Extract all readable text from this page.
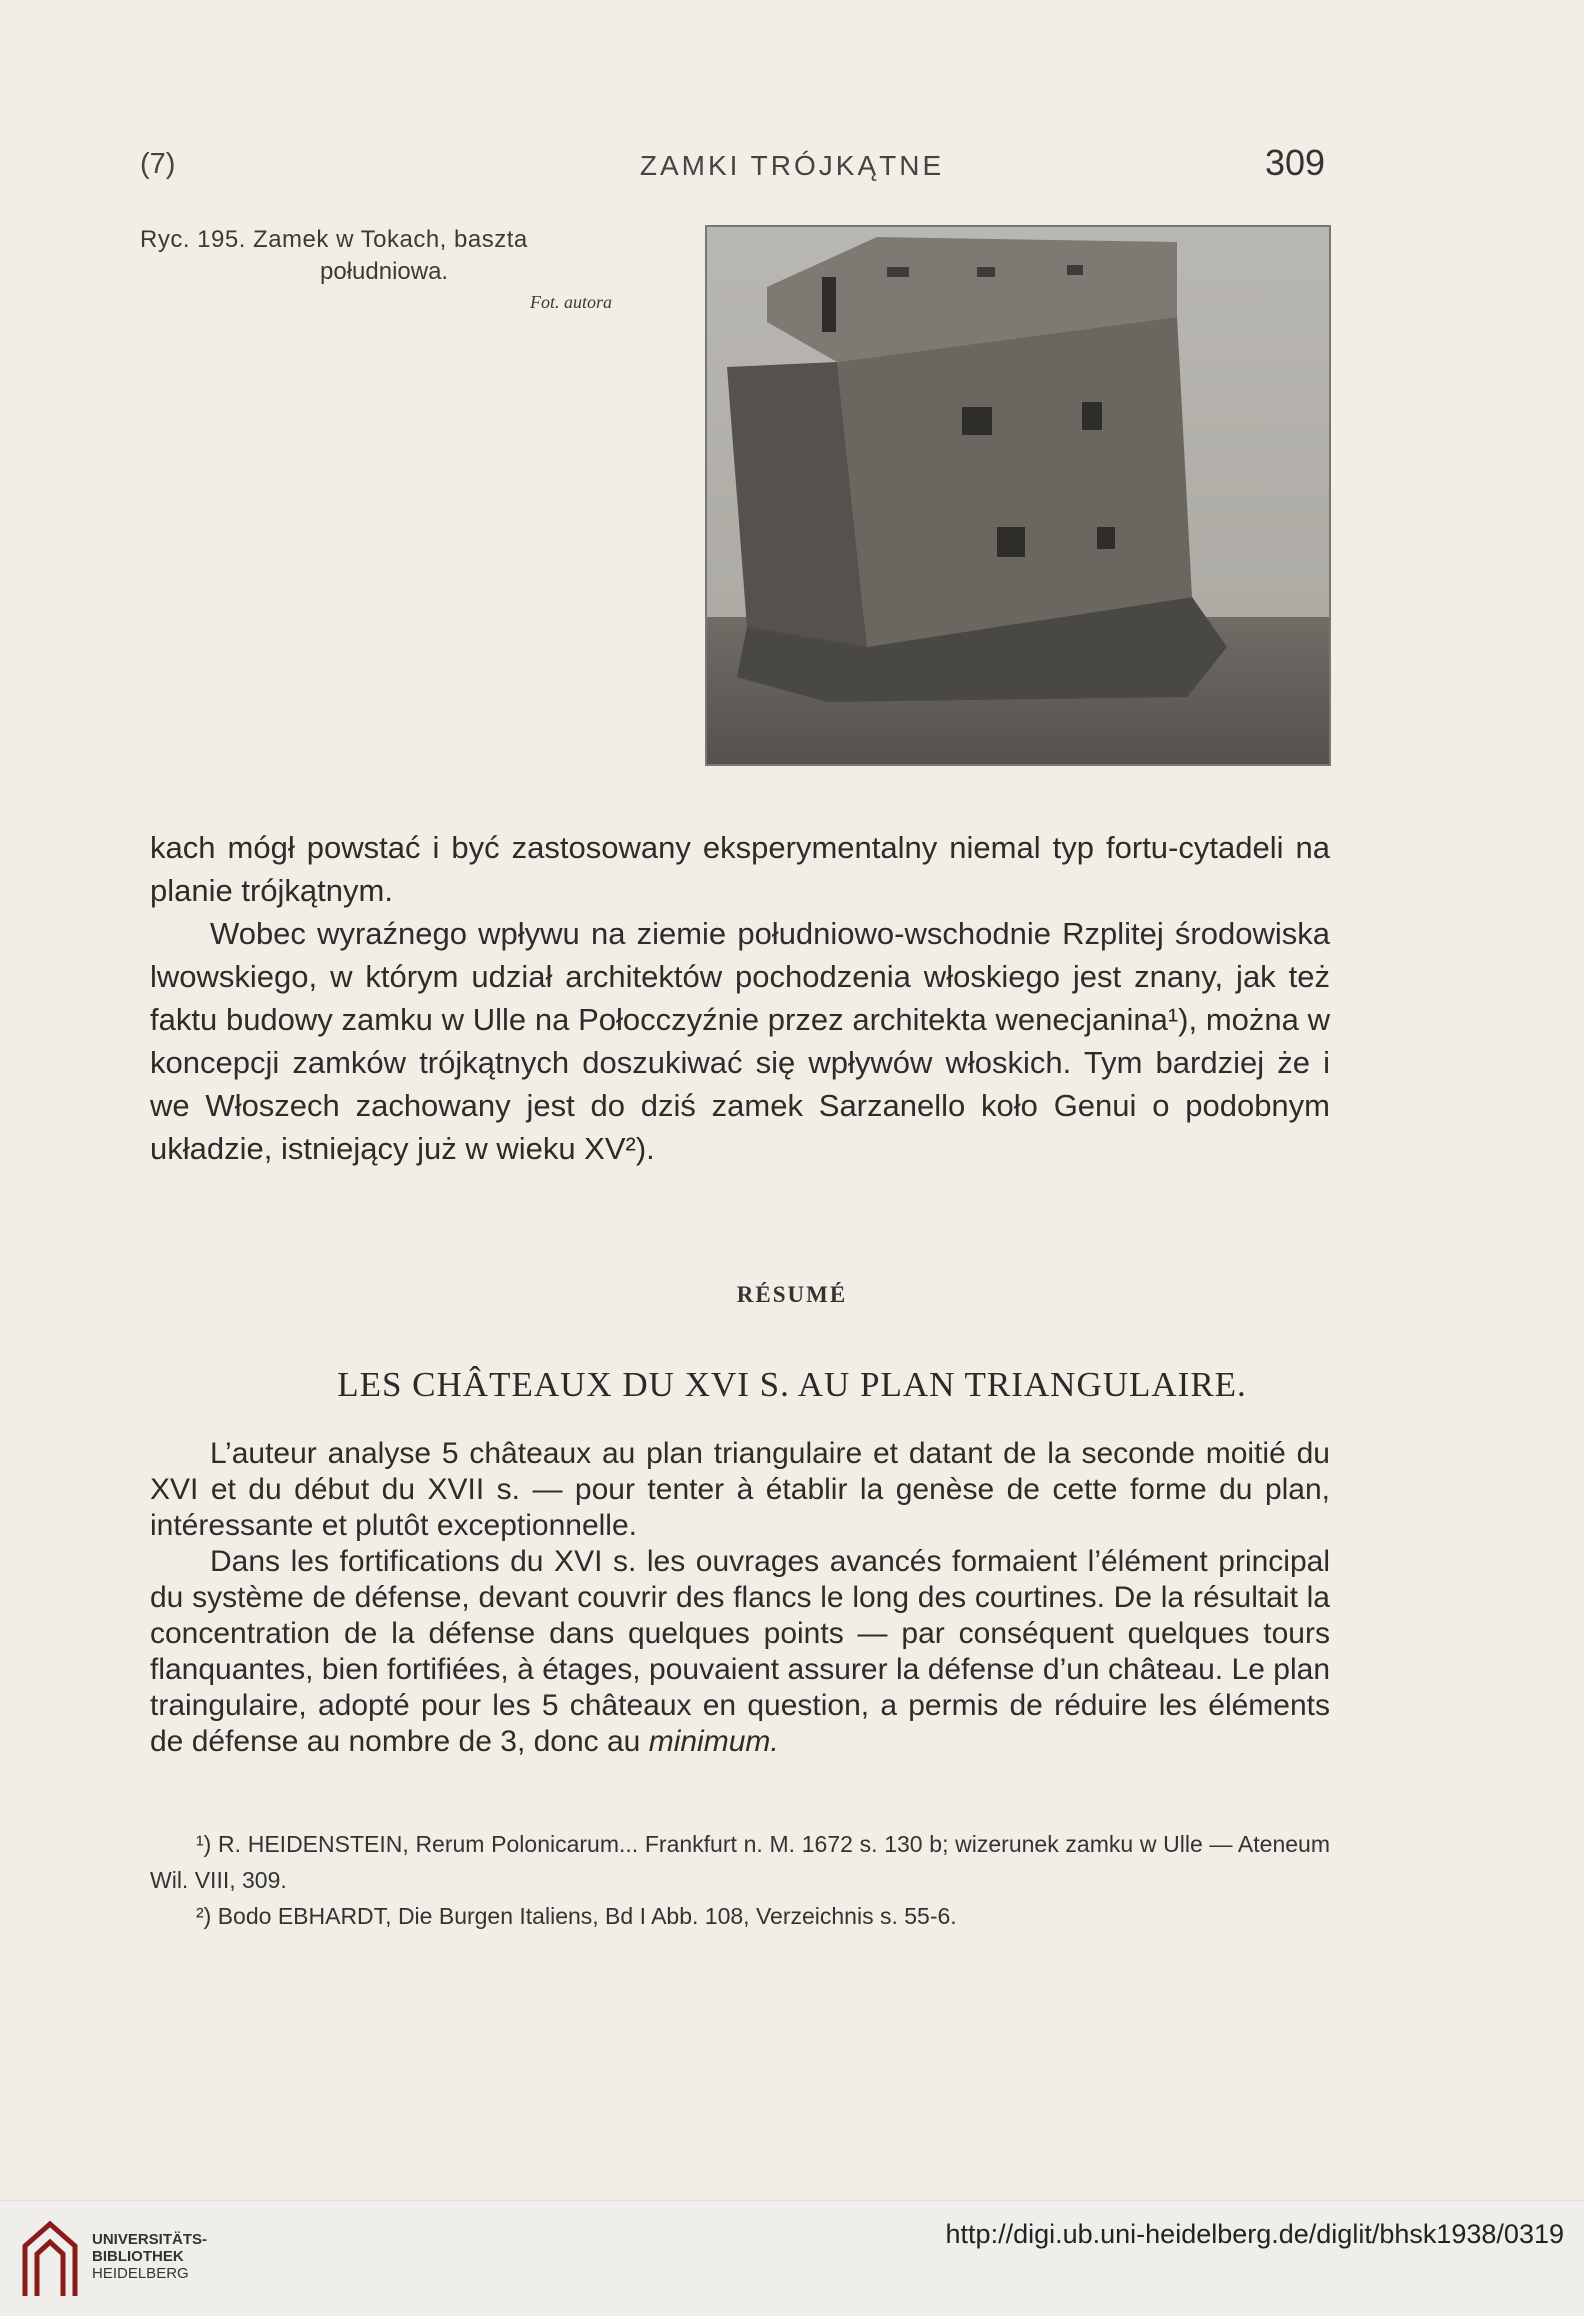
(7)	ZAMKI TRÓJKĄTNE	309
Ryc. 195. Zamek w Tokach, baszta
południowa.
Fot. autora

kach mógł powstać i być zastosowany eksperymentalny niemal typ fortu-cytadeli na planie trójkątnym.

Wobec wyraźnego wpływu na ziemie południowo-wschodnie Rzplitej środowiska lwowskiego, w którym udział architektów pochodzenia włoskiego jest znany, jak też faktu budowy zamku w Ulle na Połocczyźnie przez architekta wenecjanina¹), można w koncepcji zamków trójkątnych doszukiwać się wpływów włoskich. Tym bardziej że i we Włoszech zachowany jest do dziś zamek Sarzanello koło Genui o podobnym układzie, istniejący już w wieku XV²).

RÉSUMÉ
LES CHÂTEAUX DU XVI S. AU PLAN TRIANGULAIRE.

L’auteur analyse 5 châteaux au plan triangulaire et datant de la seconde moitié du XVI et du début du XVII s. — pour tenter à établir la genèse de cette forme du plan, intéressante et plutôt exceptionnelle.

Dans les fortifications du XVI s. les ouvrages avancés formaient l’élément principal du système de défense, devant couvrir des flancs le long des courtines. De la résultait la concentration de la défense dans quelques points — par conséquent quelques tours flanquantes, bien fortifiées, à étages, pouvaient assurer la défense d’un château. Le plan traingulaire, adopté pour les 5 châteaux en question, a permis de réduire les éléments de défense au nombre de 3, donc au minimum.

¹) R. HEIDENSTEIN, Rerum Polonicarum... Frankfurt n. M. 1672 s. 130 b; wizerunek zamku w Ulle — Ateneum Wil. VIII, 309.

²) Bodo EBHARDT, Die Burgen Italiens, Bd I Abb. 108, Verzeichnis s. 55-6.

UNIVERSITÄTS-
BIBLIOTHEK
HEIDELBERG
http://digi.ub.uni-heidelberg.de/diglit/bhsk1938/0319
